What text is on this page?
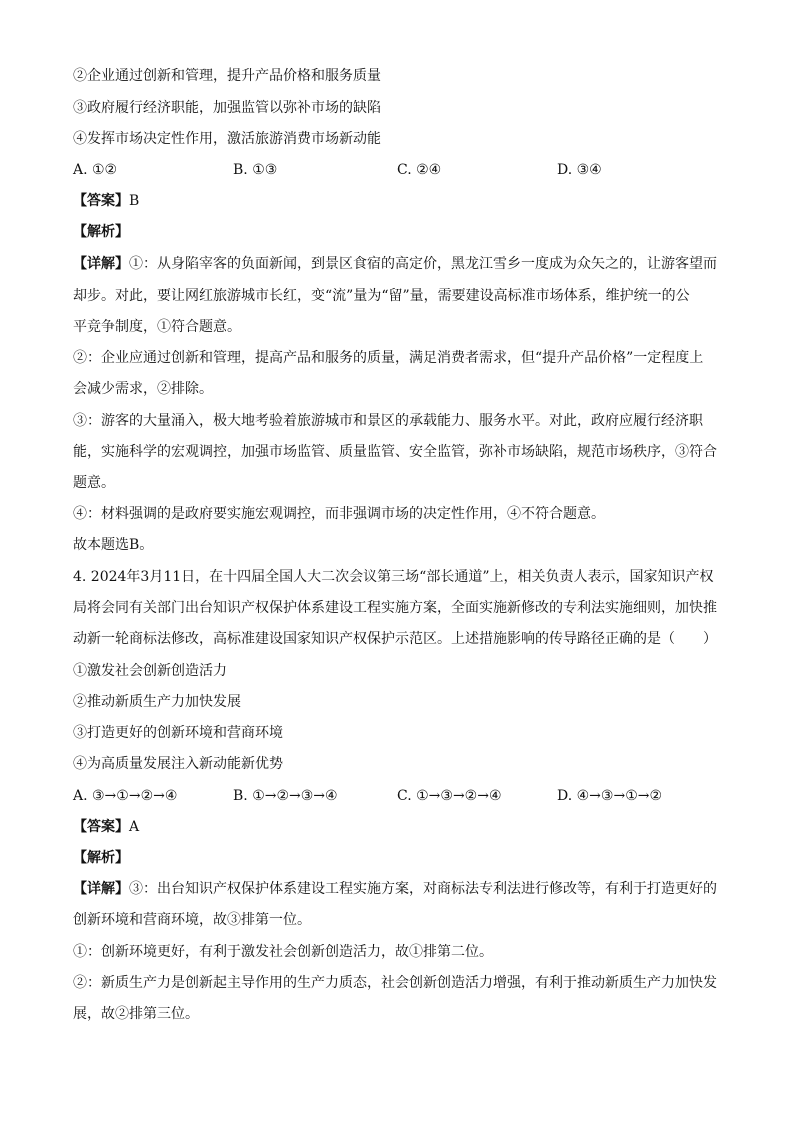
②企业通过创新和管理，提升产品价格和服务质量
③政府履行经济职能，加强监管以弥补市场的缺陷
④发挥市场决定性作用，激活旅游消费市场新动能
A. ①②	B. ①③	C. ②④	D. ③④
【答案】B
【解析】
【详解】①：从身陷宰客的负面新闻，到景区食宿的高定价，黑龙江雪乡一度成为众矢之的，让游客望而
却步。对此，要让网红旅游城市长红，变“流”量为“留”量，需要建设高标准市场体系，维护统一的公
平竞争制度，①符合题意。
②：企业应通过创新和管理，提高产品和服务的质量，满足消费者需求，但“提升产品价格”一定程度上
会减少需求，②排除。
③：游客的大量涌入，极大地考验着旅游城市和景区的承载能力、服务水平。对此，政府应履行经济职
能，实施科学的宏观调控，加强市场监管、质量监管、安全监管，弥补市场缺陷，规范市场秩序，③符合
题意。
④：材料强调的是政府要实施宏观调控，而非强调市场的决定性作用，④不符合题意。
故本题选B。
4. 2024年3月11日，在十四届全国人大二次会议第三场“部长通道”上，相关负责人表示，国家知识产权
局将会同有关部门出台知识产权保护体系建设工程实施方案，全面实施新修改的专利法实施细则，加快推
动新一轮商标法修改，高标准建设国家知识产权保护示范区。上述措施影响的传导路径正确的是（　　）
①激发社会创新创造活力
②推动新质生产力加快发展
③打造更好的创新环境和营商环境
④为高质量发展注入新动能新优势
A. ③→①→②→④	B. ①→②→③→④	C. ①→③→②→④	D. ④→③→①→②
【答案】A
【解析】
【详解】③：出台知识产权保护体系建设工程实施方案，对商标法专利法进行修改等，有利于打造更好的
创新环境和营商环境，故③排第一位。
①：创新环境更好，有利于激发社会创新创造活力，故①排第二位。
②：新质生产力是创新起主导作用的生产力质态，社会创新创造活力增强，有利于推动新质生产力加快发
展，故②排第三位。
